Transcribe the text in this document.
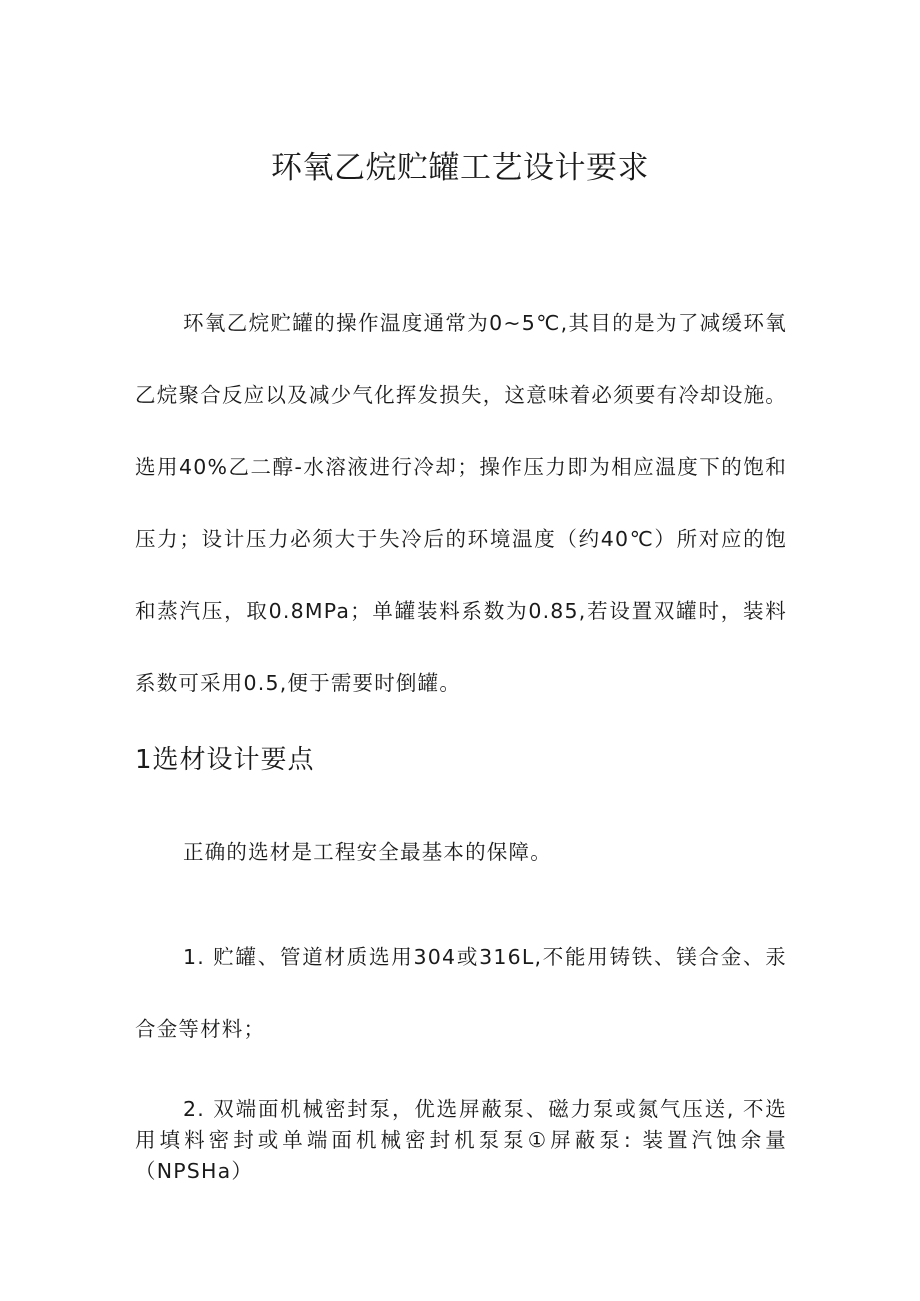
环氧乙烷贮罐工艺设计要求

环氧乙烷贮罐的操作温度通常为0~5℃,其目的是为了减缓环氧乙烷聚合反应以及减少气化挥发损失，这意味着必须要有冷却设施。选用40%乙二醇-水溶液进行冷却；操作压力即为相应温度下的饱和压力；设计压力必须大于失冷后的环境温度（约40℃）所对应的饱和蒸汽压，取0.8MPa；单罐装料系数为0.85,若设置双罐时，装料系数可采用0.5,便于需要时倒罐。

1选材设计要点

正确的选材是工程安全最基本的保障。

1. 贮罐、管道材质选用304或316L,不能用铸铁、镁合金、汞合金等材料；

2. 双端面机械密封泵，优选屏蔽泵、磁力泵或氮气压送, 不选用填料密封或单端面机械密封机泵泵①屏蔽泵: 装置汽蚀余量（NPSHa）
